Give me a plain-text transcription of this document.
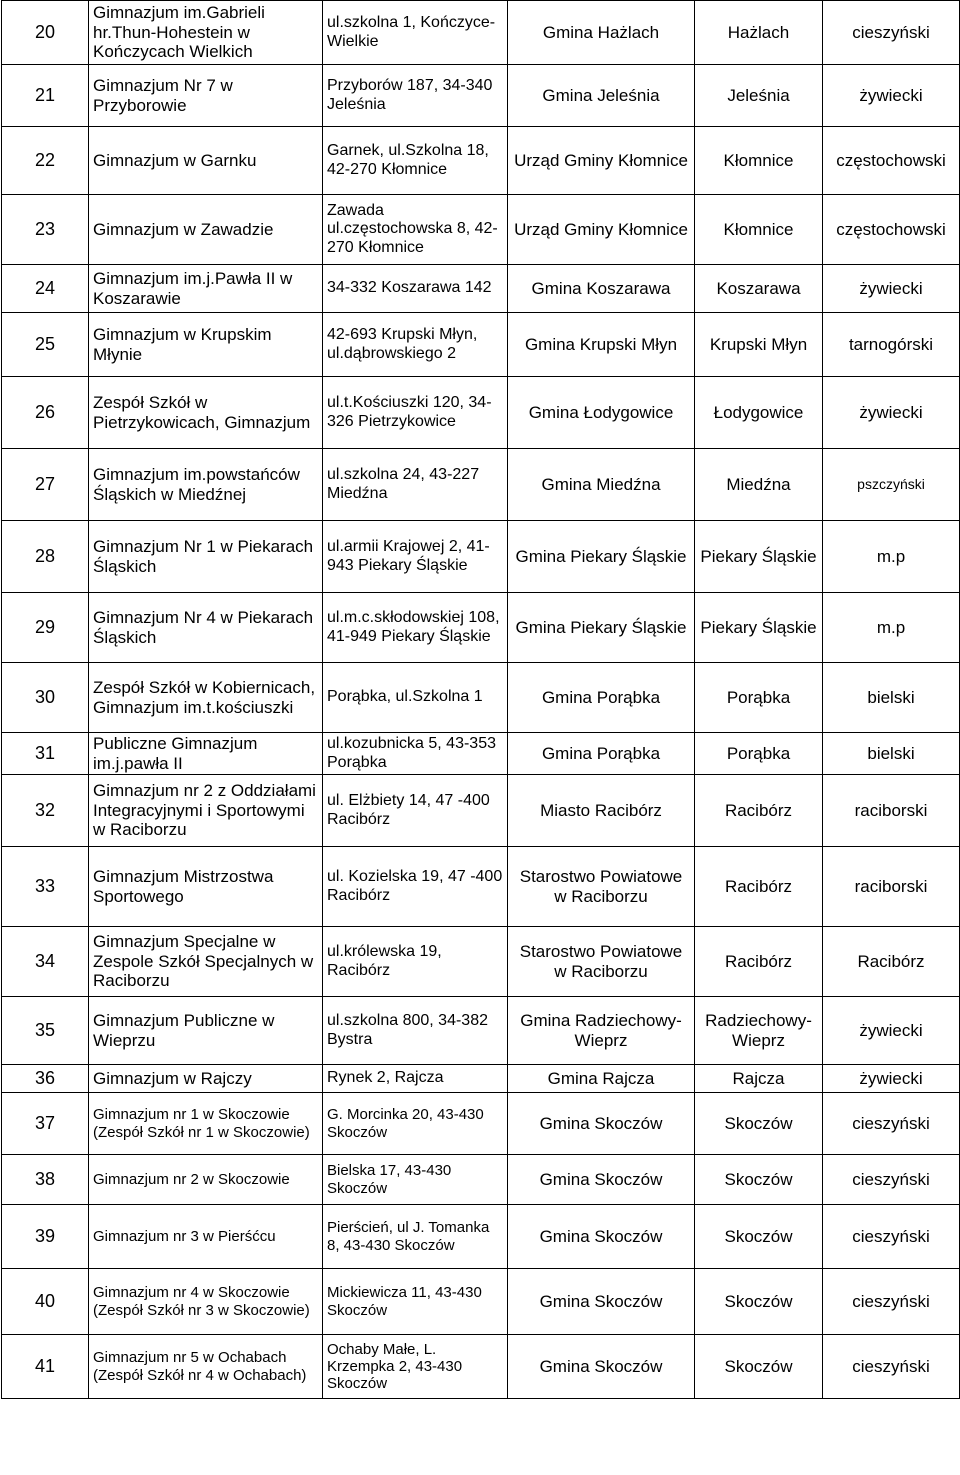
20	Gimnazjum im.Gabrieli hr.Thun-Hohestein w Kończycach Wielkich	ul.szkolna 1, Kończyce-Wielkie	Gmina Hażlach	Hażlach	cieszyński
21	Gimnazjum Nr 7 w Przyborowie	Przyborów 187, 34-340 Jeleśnia	Gmina Jeleśnia	Jeleśnia	żywiecki
22	Gimnazjum w Garnku	Garnek, ul.Szkolna 18, 42-270 Kłomnice	Urząd Gminy Kłomnice	Kłomnice	częstochowski
23	Gimnazjum w Zawadzie	Zawada ul.częstochowska 8, 42-270 Kłomnice	Urząd Gminy Kłomnice	Kłomnice	częstochowski
24	Gimnazjum im.j.Pawła II w Koszarawie	34-332 Koszarawa 142	Gmina Koszarawa	Koszarawa	żywiecki
25	Gimnazjum w Krupskim Młynie	42-693 Krupski Młyn, ul.dąbrowskiego 2	Gmina Krupski Młyn	Krupski Młyn	tarnogórski
26	Zespół Szkół w Pietrzykowicach, Gimnazjum	ul.t.Kościuszki 120, 34-326 Pietrzykowice	Gmina Łodygowice	Łodygowice	żywiecki
27	Gimnazjum im.powstańców Śląskich w Miedźnej	ul.szkolna 24, 43-227 Miedźna	Gmina Miedźna	Miedźna	pszczyński
28	Gimnazjum Nr 1 w Piekarach Śląskich	ul.armii Krajowej 2, 41-943 Piekary Śląskie	Gmina Piekary Śląskie	Piekary Śląskie	m.p
29	Gimnazjum Nr 4 w Piekarach Śląskich	ul.m.c.skłodowskiej 108, 41-949 Piekary Śląskie	Gmina Piekary Śląskie	Piekary Śląskie	m.p
30	Zespół Szkół w Kobiernicach, Gimnazjum im.t.kościuszki	Porąbka, ul.Szkolna 1	Gmina Porąbka	Porąbka	bielski
31	Publiczne Gimnazjum im.j.pawła II	ul.kozubnicka 5, 43-353 Porąbka	Gmina Porąbka	Porąbka	bielski
32	Gimnazjum nr 2 z Oddziałami Integracyjnymi i Sportowymi w Raciborzu	ul. Elżbiety 14, 47 -400 Racibórz	Miasto Racibórz	Racibórz	raciborski
33	Gimnazjum Mistrzostwa Sportowego	ul. Kozielska 19, 47 -400 Racibórz	Starostwo Powiatowe w Raciborzu	Racibórz	raciborski
34	Gimnazjum Specjalne w Zespole Szkół Specjalnych w Raciborzu	ul.królewska 19, Racibórz	Starostwo Powiatowe w Raciborzu	Racibórz	Racibórz
35	Gimnazjum Publiczne w Wieprzu	ul.szkolna 800, 34-382 Bystra	Gmina Radziechowy-Wieprz	Radziechowy-Wieprz	żywiecki
36	Gimnazjum w Rajczy	Rynek 2, Rajcza	Gmina Rajcza	Rajcza	żywiecki
37	Gimnazjum nr 1 w Skoczowie (Zespół Szkół nr 1 w Skoczowie)	G. Morcinka 20, 43-430 Skoczów	Gmina Skoczów	Skoczów	cieszyński
38	Gimnazjum nr 2 w Skoczowie	Bielska 17, 43-430 Skoczów	Gmina Skoczów	Skoczów	cieszyński
39	Gimnazjum nr 3 w Pierśćcu	Pierścień, ul J. Tomanka 8, 43-430 Skoczów	Gmina Skoczów	Skoczów	cieszyński
40	Gimnazjum nr 4 w Skoczowie (Zespół Szkół nr 3 w Skoczowie)	Mickiewicza 11, 43-430 Skoczów	Gmina Skoczów	Skoczów	cieszyński
41	Gimnazjum nr 5 w Ochabach (Zespół Szkół nr 4 w Ochabach)	Ochaby Małe, L. Krzempka 2, 43-430 Skoczów	Gmina Skoczów	Skoczów	cieszyński
